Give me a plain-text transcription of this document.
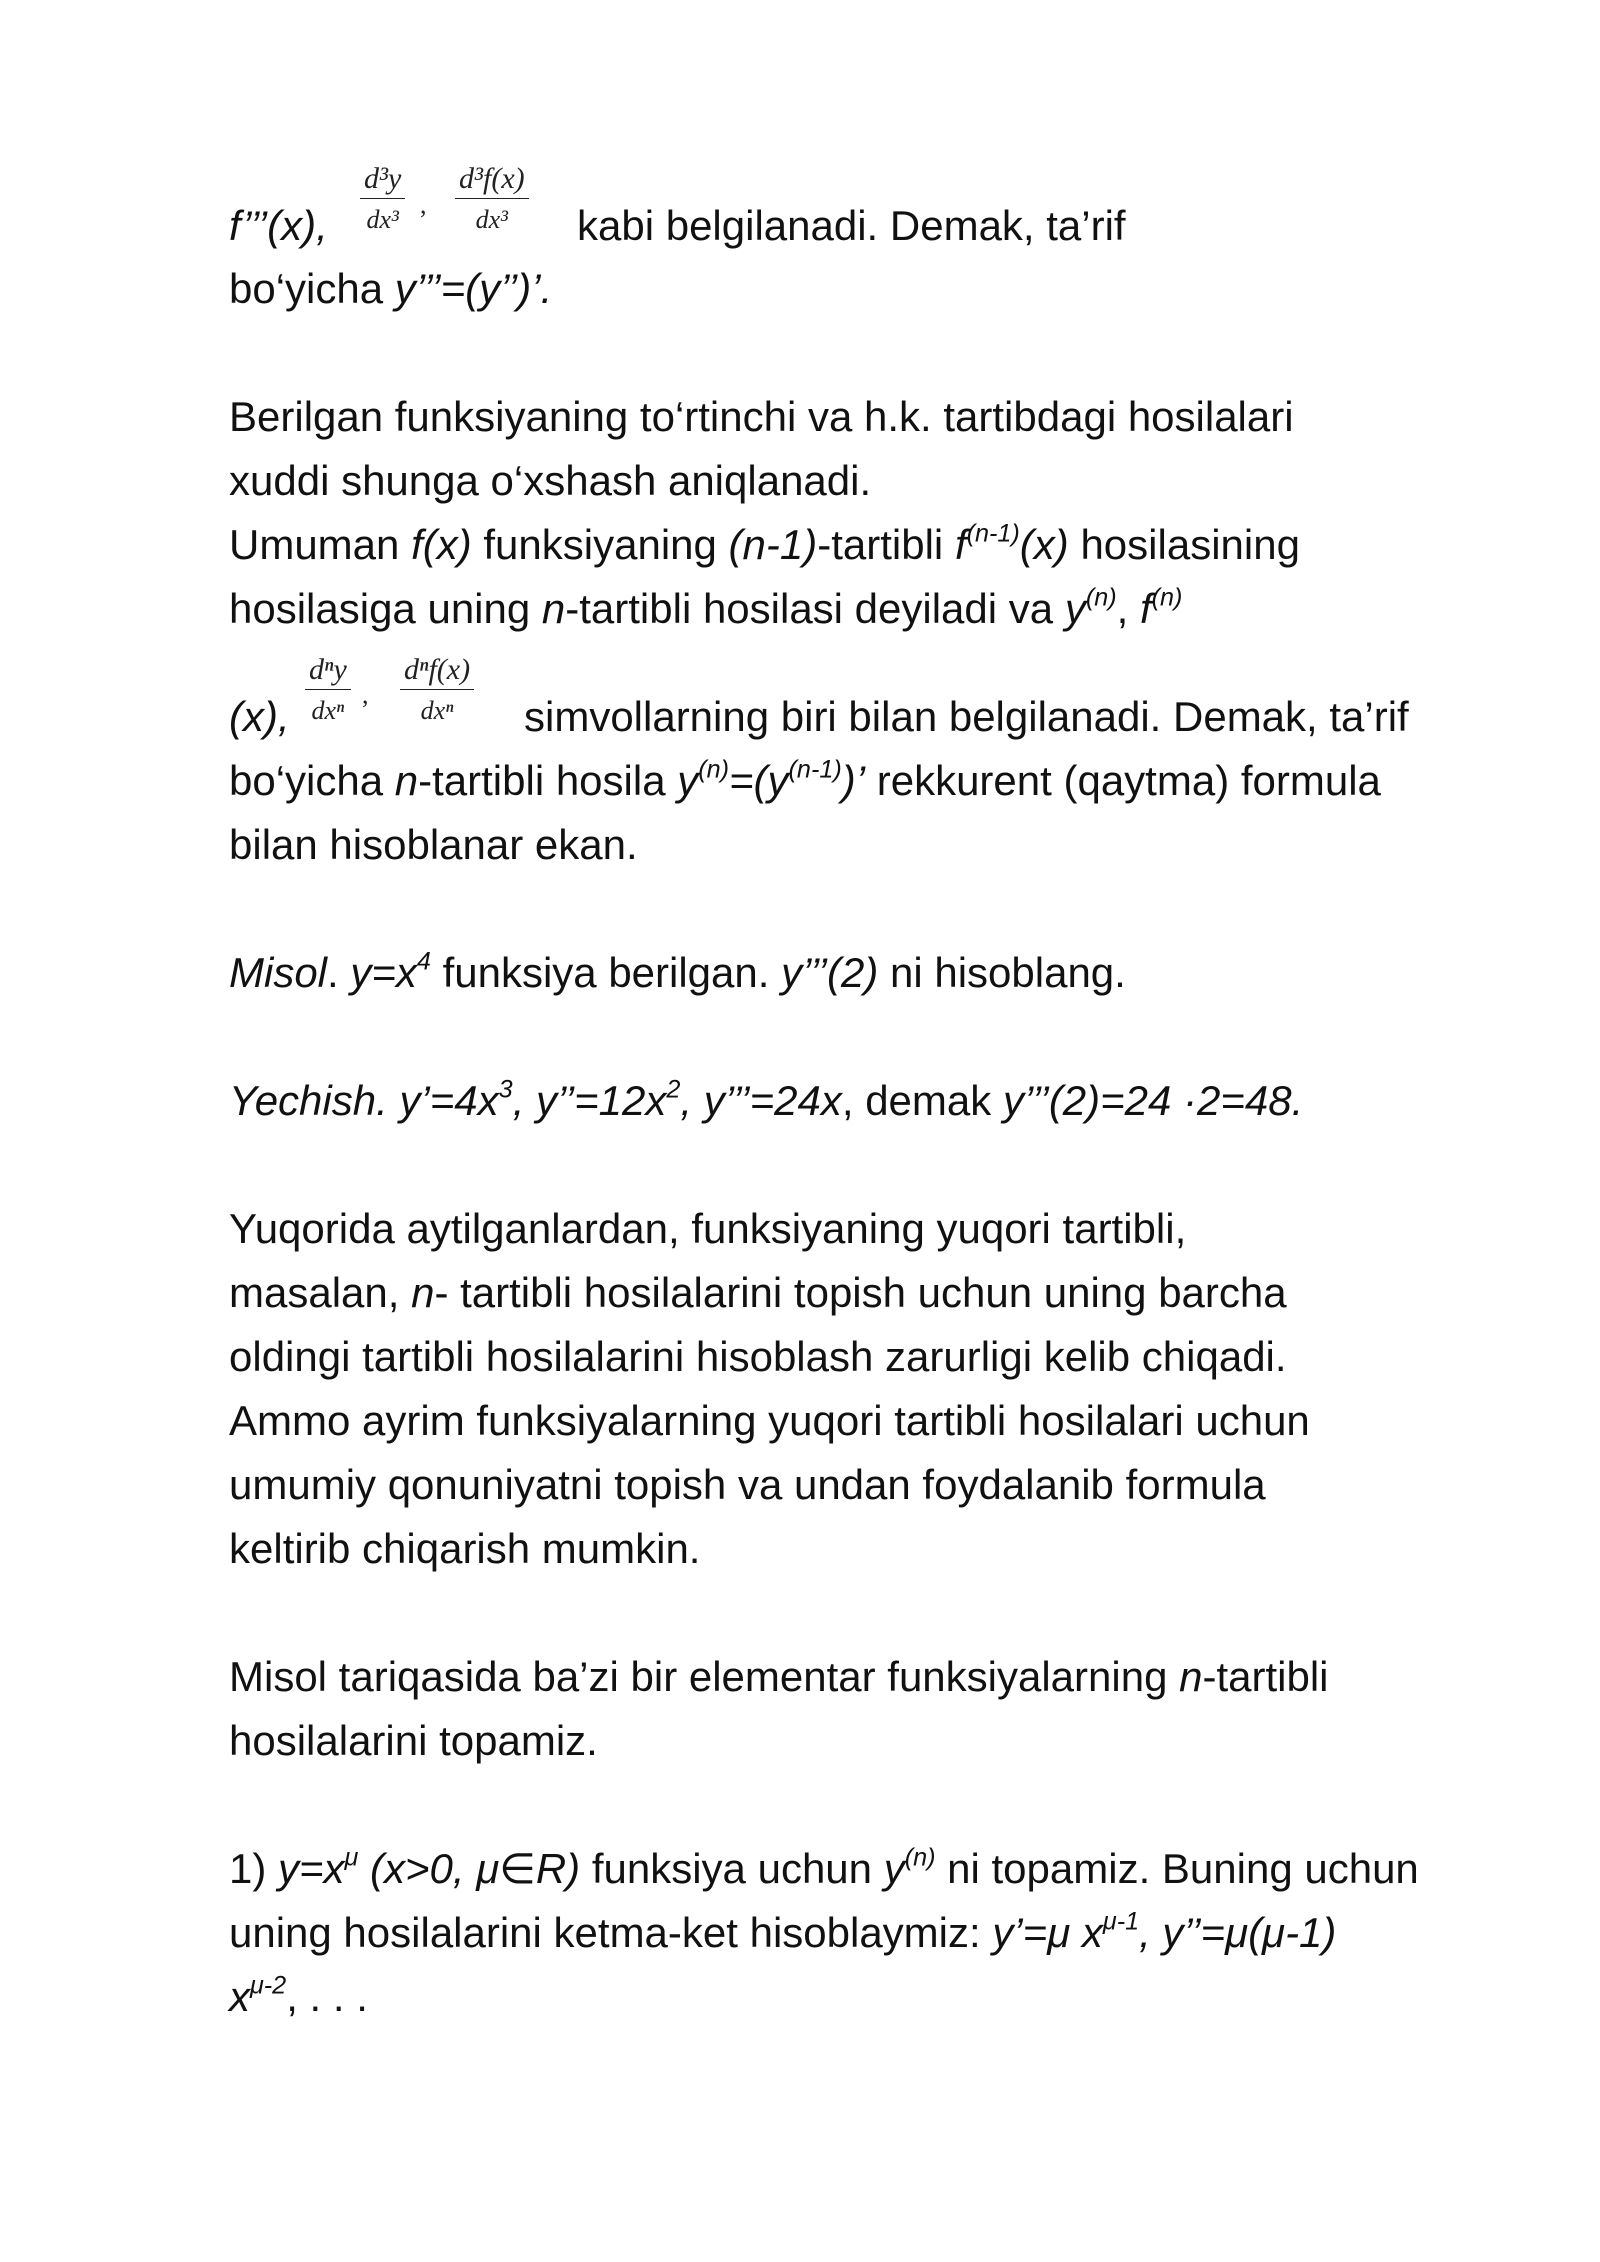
$\frac{\text{d³y}}{\text{dx³}}$ , $\frac{\text{d³f(x)}}{\text{dx³}}$
f’’’(x),	kabi belgilanadi. Demak, ta’rif
bo‘yicha y’’’=(y’’)’.
Berilgan funksiyaning to‘rtinchi va h.k. tartibdagi hosilalari
xuddi shunga o‘xshash aniqlanadi.
Umuman f(x) funksiyaning (n-1)-tartibli $f^{(n-1)}(x)$ hosilasining
hosilasiga uning n-tartibli hosilasi deyiladi va $y^{(n)}$, $f^{(n)}$
dⁿy
dxⁿ
,
dⁿf(x)
dxⁿ
(x),	simvollarning biri bilan belgilanadi. Demak, ta’rif
bo‘yicha n-tartibli hosila $y^{(n)}=(y^{(n-1)})$’ rekkurent (qaytma) formula
bilan hisoblanar ekan.
Misol. $y=x^4$ funksiya berilgan. y’’’(2) ni hisoblang.
Yechish. $y’=4x^3$, $y’’=12x^2$, y’’’=24x, demak y’’’(2)=24 ·2=48.
Yuqorida aytilganlardan, funksiyaning yuqori tartibli,
masalan, n- tartibli hosilalarini topish uchun uning barcha
oldingi tartibli hosilalarini hisoblash zarurligi kelib chiqadi.
Ammo ayrim funksiyalarning yuqori tartibli hosilalari uchun
umumiy qonuniyatni topish va undan foydalanib formula
keltirib chiqarish mumkin.
Misol tariqasida ba’zi bir elementar funksiyalarning n-tartibli
hosilalarini topamiz.
1) $y=x^\mu$ (x>0, μ∈R) funksiya uchun $y^{(n)}$ ni topamiz. Buning uchun
uning hosilalarini ketma-ket hisoblaymiz: y’=μ $x^{\mu-1}$, y’’=μ(μ-1)
$x^{\mu-2}$, . . .
